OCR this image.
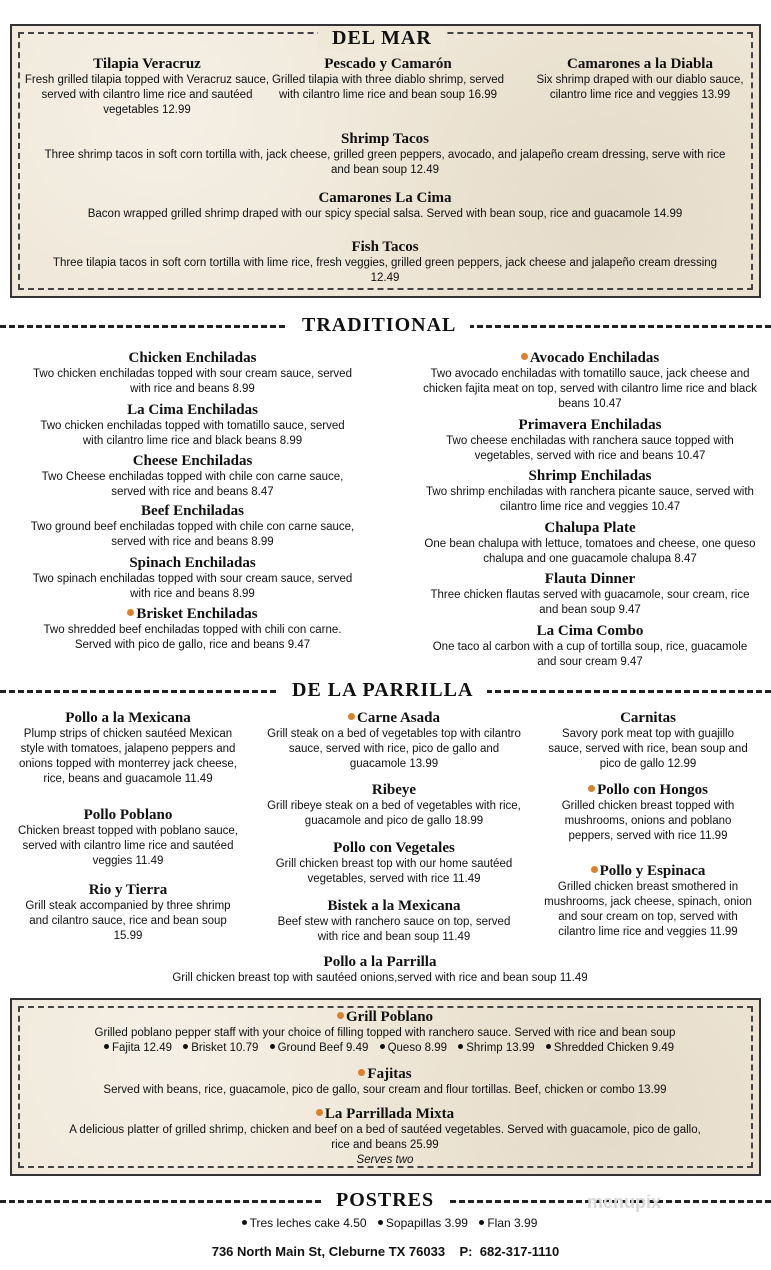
DEL MAR
Tilapia Veracruz
Fresh grilled tilapia topped with Veracruz sauce, served with cilantro lime rice and sautéed vegetables 12.99
Pescado y Camarón
Grilled tilapia with three diablo shrimp, served with cilantro lime rice and bean soup 16.99
Camarones a la Diabla
Six shrimp draped with our diablo sauce, cilantro lime rice and veggies 13.99
Shrimp Tacos
Three shrimp tacos in soft corn tortilla with, jack cheese, grilled green peppers, avocado, and jalapeño cream dressing, serve with rice and bean soup 12.49
Camarones La Cima
Bacon wrapped grilled shrimp draped with our spicy special salsa. Served with bean soup, rice and guacamole 14.99
Fish Tacos
Three tilapia tacos in soft corn tortilla with lime rice, fresh veggies, grilled green peppers, jack cheese and jalapeño cream dressing 12.49
TRADITIONAL
Chicken Enchiladas
Two chicken enchiladas topped with sour cream sauce, served with rice and beans 8.99
La Cima Enchiladas
Two chicken enchiladas topped with tomatillo sauce, served with cilantro lime rice and black beans 8.99
Cheese Enchiladas
Two Cheese enchiladas topped with chile con carne sauce, served with rice and beans 8.47
Beef Enchiladas
Two ground beef enchiladas topped with chile con carne sauce, served with rice and beans 8.99
Spinach Enchiladas
Two spinach enchiladas topped with sour cream sauce, served with rice and beans 8.99
Brisket Enchiladas
Two shredded beef enchiladas topped with chili con carne. Served with pico de gallo, rice and beans 9.47
Avocado Enchiladas
Two avocado enchiladas with tomatillo sauce, jack cheese and chicken fajita meat on top, served with cilantro lime rice and black beans 10.47
Primavera Enchiladas
Two cheese enchiladas with ranchera sauce topped with vegetables, served with rice and beans 10.47
Shrimp Enchiladas
Two shrimp enchiladas with ranchera picante sauce, served with cilantro lime rice and veggies 10.47
Chalupa Plate
One bean chalupa with lettuce, tomatoes and cheese, one queso chalupa and one guacamole chalupa 8.47
Flauta Dinner
Three chicken flautas served with guacamole, sour cream, rice and bean soup 9.47
La Cima Combo
One taco al carbon with a cup of tortilla soup, rice, guacamole and sour cream 9.47
DE LA PARRILLA
Pollo a la Mexicana
Plump strips of chicken sautéed Mexican style with tomatoes, jalapeno peppers and onions topped with monterrey jack cheese, rice, beans and guacamole 11.49
Pollo Poblano
Chicken breast topped with poblano sauce, served with cilantro lime rice and sautéed veggies 11.49
Rio y Tierra
Grill steak accompanied by three shrimp and cilantro sauce, rice and bean soup 15.99
Carne Asada
Grill steak on a bed of vegetables top with cilantro sauce, served with rice, pico de gallo and guacamole 13.99
Ribeye
Grill ribeye steak on a bed of vegetables with rice, guacamole and pico de gallo 18.99
Pollo con Vegetales
Grill chicken breast top with our home sautéed vegetables, served with rice 11.49
Bistek a la Mexicana
Beef stew with ranchero sauce on top, served with rice and bean soup 11.49
Carnitas
Savory pork meat top with guajillo sauce, served with rice, bean soup and pico de gallo 12.99
Pollo con Hongos
Grilled chicken breast topped with mushrooms, onions and poblano peppers, served with rice 11.99
Pollo y Espinaca
Grilled chicken breast smothered in mushrooms, jack cheese, spinach, onion and sour cream on top, served with cilantro lime rice and veggies 11.99
Pollo a la Parrilla
Grill chicken breast top with sautéed onions,served with rice and bean soup 11.49
Grill Poblano
Grilled poblano pepper staff with your choice of filling topped with ranchero sauce. Served with rice and bean soup
Fajita 12.49 Brisket 10.79 Ground Beef 9.49 Queso 8.99 Shrimp 13.99 Shredded Chicken 9.49
Fajitas
Served with beans, rice, guacamole, pico de gallo, sour cream and flour tortillas. Beef, chicken or combo 13.99
La Parrillada Mixta
A delicious platter of grilled shrimp, chicken and beef on a bed of sautéed vegetables. Served with guacamole, pico de gallo, rice and beans 25.99
Serves two
POSTRES
Tres leches cake 4.50 Sopapillas 3.99 Flan 3.99
menupix
736 North Main St, Cleburne TX 76033    P:  682-317-1110
